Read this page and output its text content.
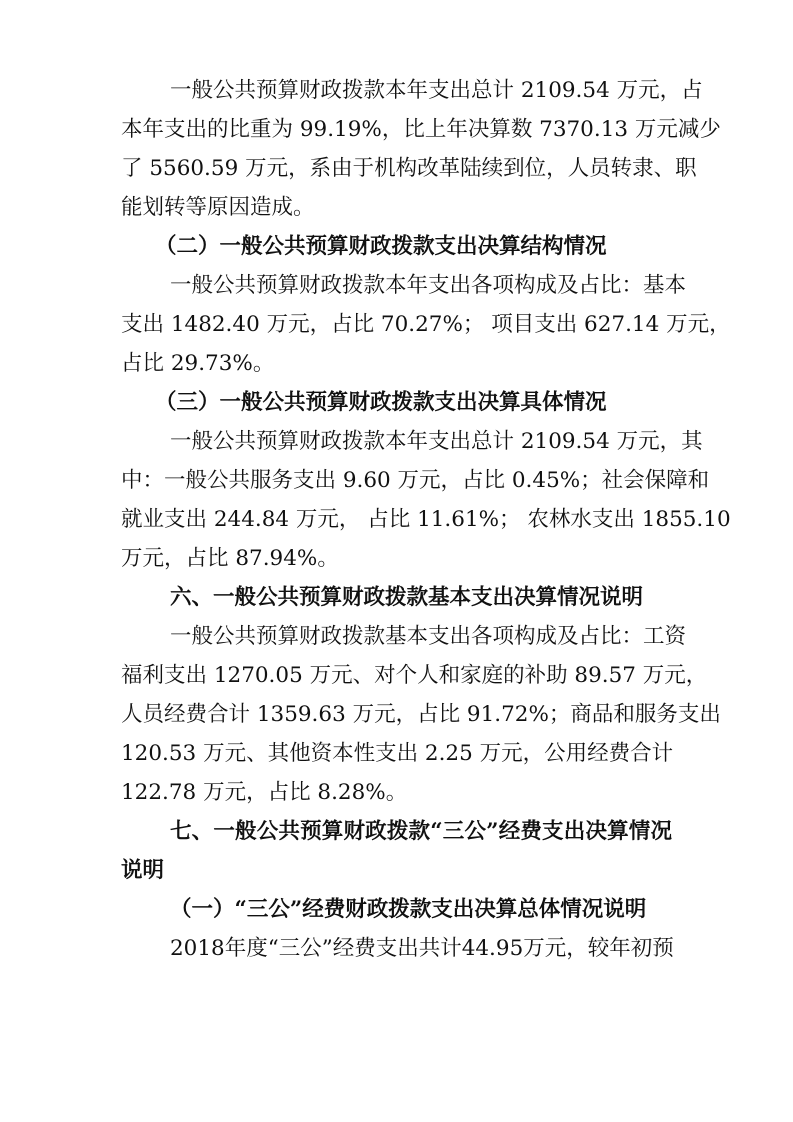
一般公共预算财政拨款本年支出总计 2109.54 万元，占
本年支出的比重为 99.19%，比上年决算数 7370.13 万元减少
了 5560.59 万元，系由于机构改革陆续到位，人员转隶、职
能划转等原因造成。
（二）一般公共预算财政拨款支出决算结构情况
一般公共预算财政拨款本年支出各项构成及占比：基本
支出 1482.40 万元，占比 70.27%； 项目支出 627.14 万元，
占比 29.73%。
（三）一般公共预算财政拨款支出决算具体情况
一般公共预算财政拨款本年支出总计 2109.54 万元，其
中：一般公共服务支出 9.60 万元，占比 0.45%；社会保障和
就业支出 244.84 万元， 占比 11.61%； 农林水支出 1855.10
万元，占比 87.94%。
六、一般公共预算财政拨款基本支出决算情况说明
一般公共预算财政拨款基本支出各项构成及占比：工资
福利支出 1270.05 万元、对个人和家庭的补助 89.57 万元，
人员经费合计 1359.63 万元，占比 91.72%；商品和服务支出
120.53 万元、其他资本性支出 2.25 万元，公用经费合计
122.78 万元，占比 8.28%。
七、一般公共预算财政拨款“三公”经费支出决算情况
说明
（一）“三公”经费财政拨款支出决算总体情况说明
2018年度“三公”经费支出共计44.95万元，较年初预
